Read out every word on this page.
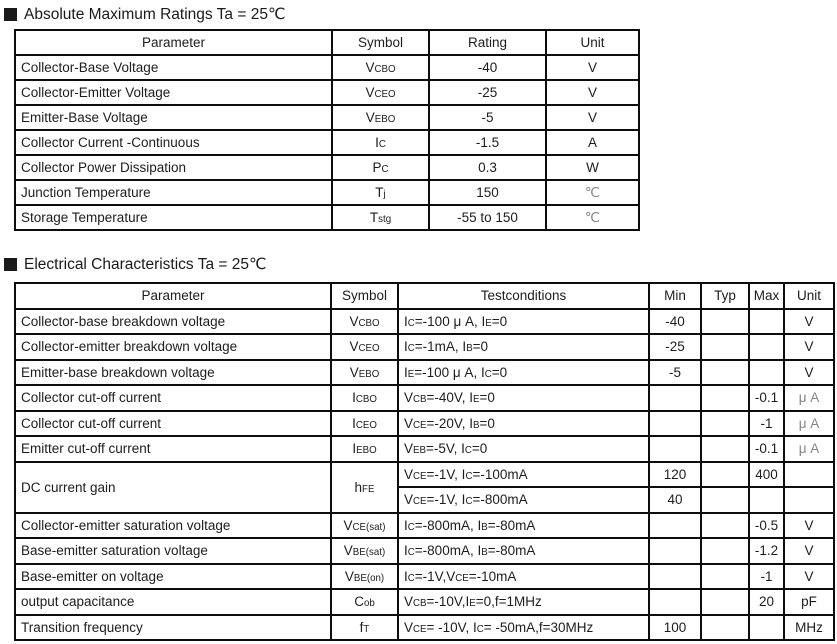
Absolute Maximum Ratings Ta = 25℃
Parameter	Symbol	Rating	Unit
Collector-Base Voltage	VCBO	-40	V
Collector-Emitter Voltage	VCEO	-25	V
Emitter-Base Voltage	VEBO	-5	V
Collector Current -Continuous	IC	-1.5	A
Collector Power Dissipation	PC	0.3	W
Junction Temperature	Tj	150	℃
Storage Temperature	Tstg	-55 to 150	℃
Electrical Characteristics Ta = 25℃
Parameter	Symbol	Testconditions	Min	Typ	Max	Unit
Collector-base breakdown voltage	VCBO	IC=-100 μ A, IE=0	-40			V
Collector-emitter breakdown voltage	VCEO	IC=-1mA, IB=0	-25			V
Emitter-base breakdown voltage	VEBO	IE=-100 μ A, IC=0	-5			V
Collector cut-off current	ICBO	VCB=-40V, IE=0			-0.1	μ A
Collector cut-off current	ICEO	VCE=-20V, IB=0			-1	μ A
Emitter cut-off current	IEBO	VEB=-5V, IC=0			-0.1	μ A
DC current gain	hFE	VCE=-1V, IC=-100mA	120		400	
		VCE=-1V, IC=-800mA	40			
Collector-emitter saturation voltage	VCE(sat)	IC=-800mA, IB=-80mA			-0.5	V
Base-emitter saturation voltage	VBE(sat)	IC=-800mA, IB=-80mA			-1.2	V
Base-emitter on voltage	VBE(on)	IC=-1V,VCE=-10mA			-1	V
output capacitance	Cob	VCB=-10V,IE=0,f=1MHz			20	pF
Transition frequency	fT	VCE= -10V, IC= -50mA,f=30MHz	100			MHz
